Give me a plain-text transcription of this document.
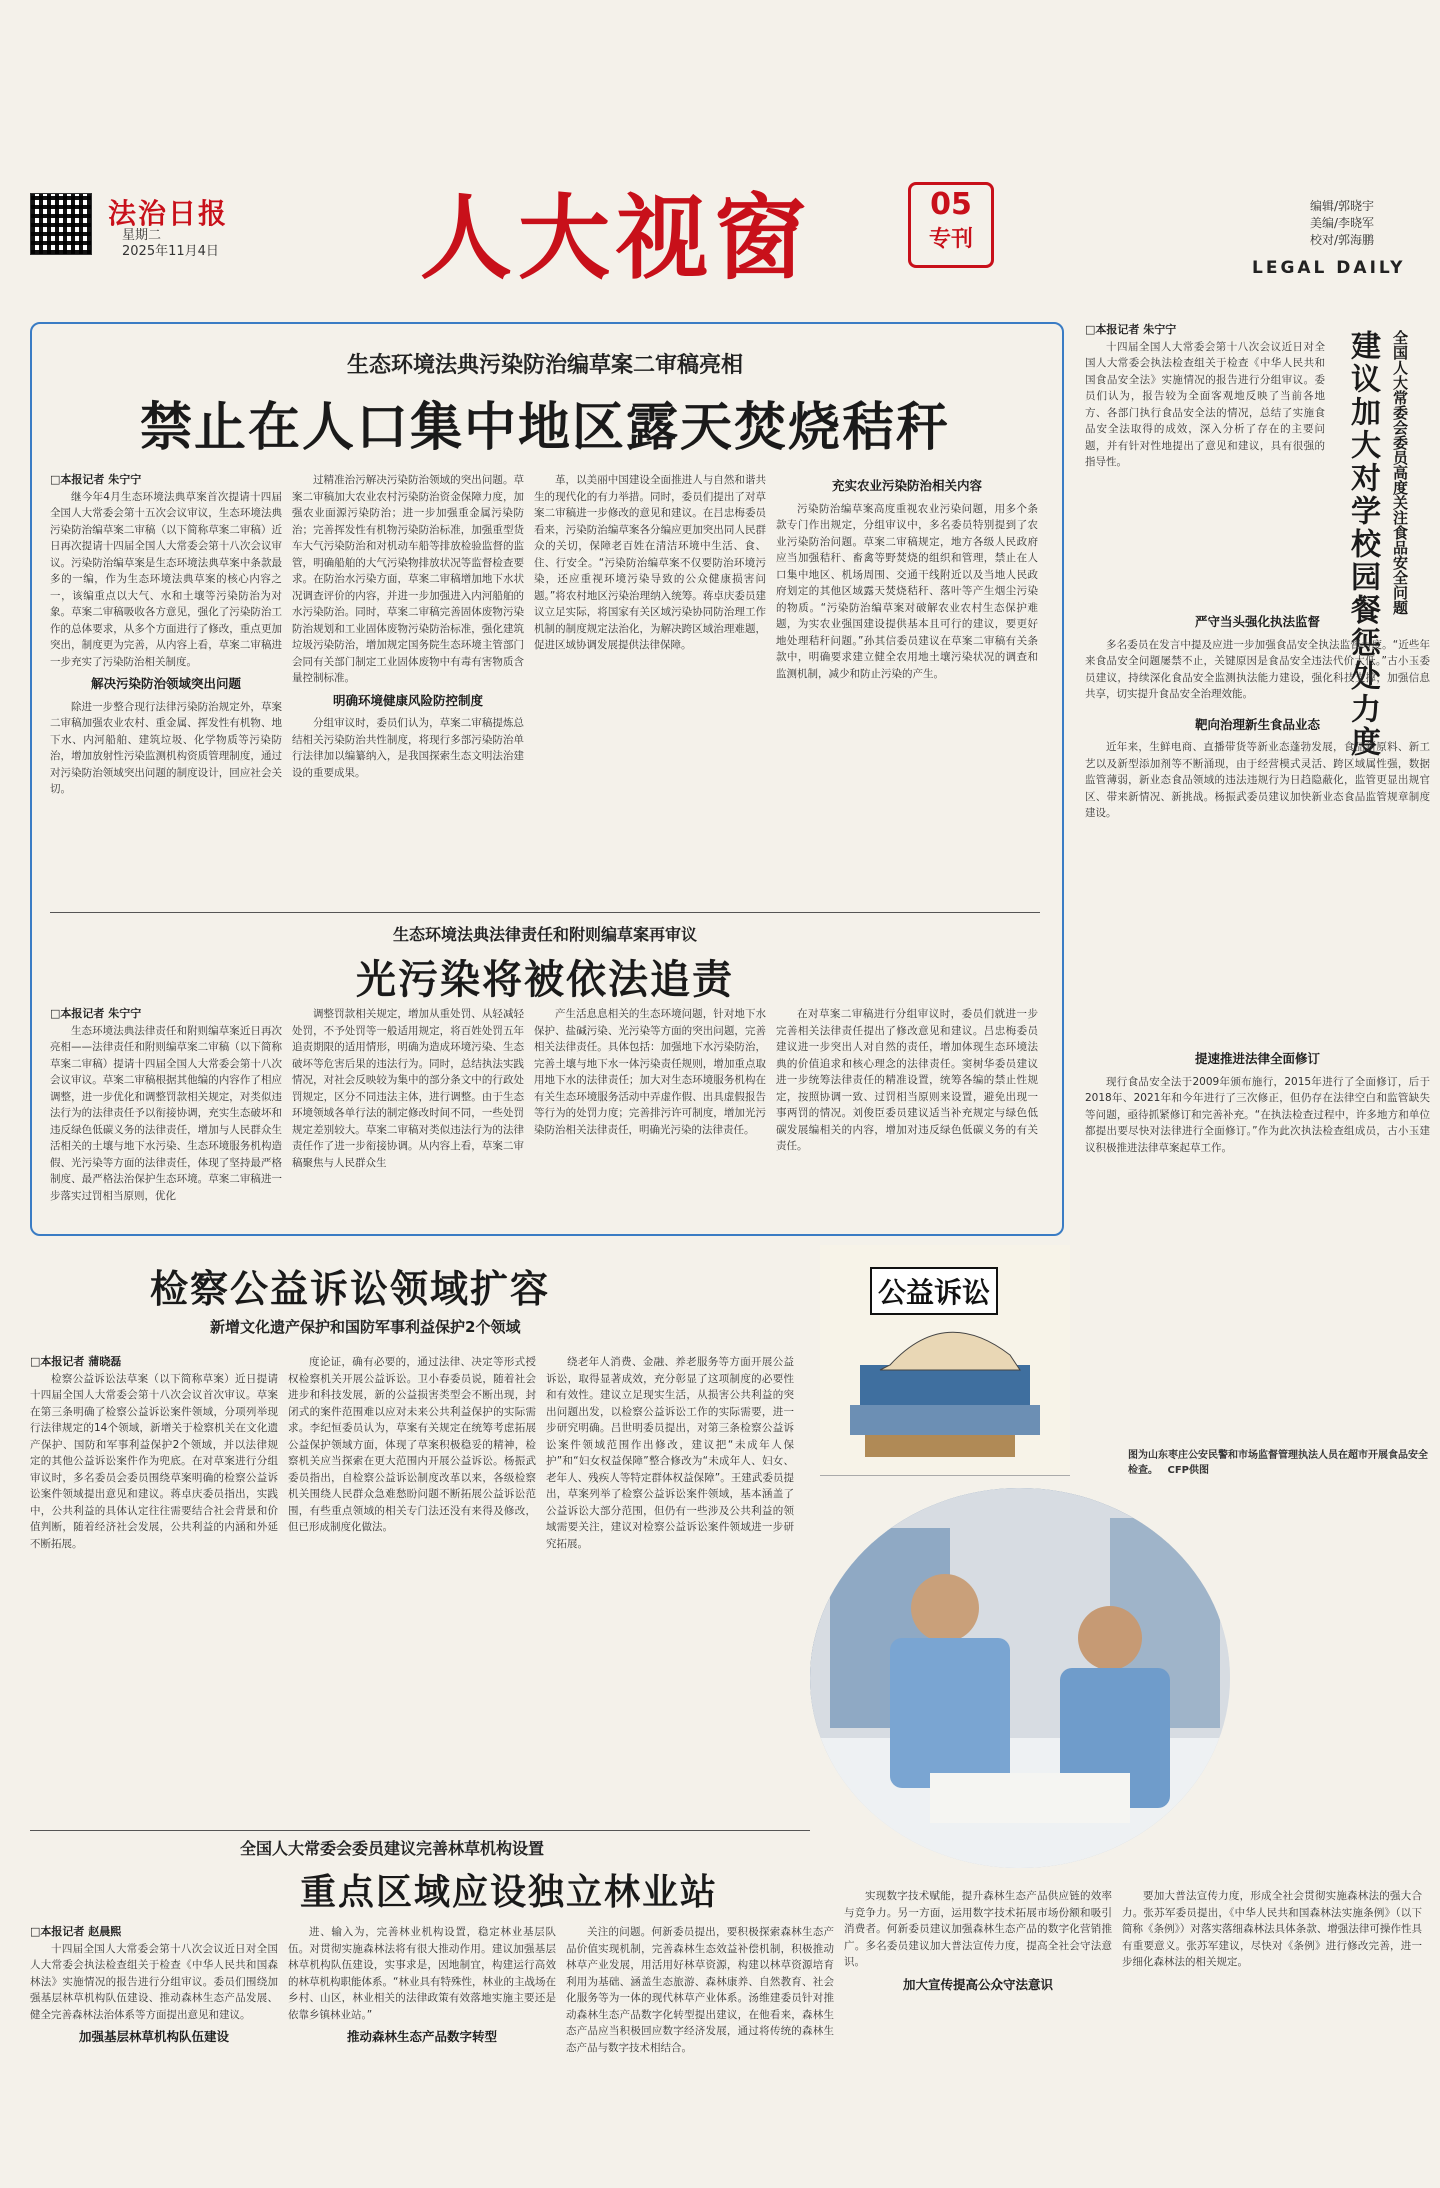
法治日报
星期二
2025年11月4日 人大视窗	05
专刊
编辑/郭晓宇
美编/李晓军
校对/郭海鹏
LEGAL DAILY
生态环境法典污染防治编草案二审稿亮相
禁止在人口集中地区露天焚烧秸秆
□本报记者 朱宁宁

继今年4月生态环境法典草案首次提请十四届全国人大常委会第十五次会议审议，生态环境法典污染防治编草案二审稿（以下简称草案二审稿）近日再次提请十四届全国人大常委会第十八次会议审议。污染防治编草案是生态环境法典草案中条款最多的一编，作为生态环境法典草案的核心内容之一，该编重点以大气、水和土壤等污染防治为对象。草案二审稿吸收各方意见，强化了污染防治工作的总体要求，从多个方面进行了修改，重点更加突出，制度更为完善，从内容上看，草案二审稿进一步充实了污染防治相关制度。

解决污染防治领域突出问题

除进一步整合现行法律污染防治规定外，草案二审稿加强农业农村、重金属、挥发性有机物、地下水、内河船舶、建筑垃圾、化学物质等污染防治，增加放射性污染监测机构资质管理制度，通过对污染防治领域突出问题的制度设计，回应社会关切。

过精准治污解决污染防治领域的突出问题。草案二审稿加大农业农村污染防治资金保障力度，加强农业面源污染防治；进一步加强重金属污染防治；完善挥发性有机物污染防治标准，加强重型货车大气污染防治和对机动车船等排放检验监督的监管，明确船舶的大气污染物排放状况等监督检查要求。在防治水污染方面，草案二审稿增加地下水状况调查评价的内容，并进一步加强进入内河船舶的水污染防治。同时，草案二审稿完善固体废物污染防治规划和工业固体废物污染防治标准，强化建筑垃圾污染防治，增加规定国务院生态环境主管部门会同有关部门制定工业固体废物中有毒有害物质含量控制标准。

明确环境健康风险防控制度

分组审议时，委员们认为，草案二审稿提炼总结相关污染防治共性制度，将现行多部污染防治单行法律加以编纂纳入，是我国探索生态文明法治建设的重要成果。

革，以美丽中国建设全面推进人与自然和谐共生的现代化的有力举措。同时，委员们提出了对草案二审稿进一步修改的意见和建议。在吕忠梅委员看来，污染防治编草案各分编应更加突出同人民群众的关切，保障老百姓在清洁环境中生活、食、住、行安全。“污染防治编草案不仅要防治环境污染，还应重视环境污染导致的公众健康损害问题。”将农村地区污染治理纳入统筹。蒋卓庆委员建议立足实际，将国家有关区域污染协同防治理工作机制的制度规定法治化，为解决跨区域治理难题，促进区域协调发展提供法律保障。

充实农业污染防治相关内容

污染防治编草案高度重视农业污染问题，用多个条款专门作出规定，分组审议中，多名委员特别提到了农业污染防治问题。草案二审稿规定，地方各级人民政府应当加强秸秆、畜禽等野焚烧的组织和管理，禁止在人口集中地区、机场周围、交通干线附近以及当地人民政府划定的其他区域露天焚烧秸秆、落叶等产生烟尘污染的物质。“污染防治编草案对破解农业农村生态保护难题，为实农业强国建设提供基本且可行的建议，要更好地处理秸秆问题。”孙其信委员建议在草案二审稿有关条款中，明确要求建立健全农用地土壤污染状况的调查和监测机制，减少和防止污染的产生。

生态环境法典法律责任和附则编草案再审议
光污染将被依法追责
□本报记者 朱宁宁

生态环境法典法律责任和附则编草案近日再次亮相——法律责任和附则编草案二审稿（以下简称草案二审稿）提请十四届全国人大常委会第十八次会议审议。草案二审稿根据其他编的内容作了相应调整，进一步优化和调整罚款相关规定，对类似违法行为的法律责任予以衔接协调，充实生态破坏和违反绿色低碳义务的法律责任，增加与人民群众生活相关的土壤与地下水污染、生态环境服务机构造假、光污染等方面的法律责任，体现了坚持最严格制度、最严格法治保护生态环境。草案二审稿进一步落实过罚相当原则，优化

调整罚款相关规定，增加从重处罚、从轻减轻处罚，不予处罚等一般适用规定，将百姓处罚五年追责期限的适用情形，明确为造成环境污染、生态破坏等危害后果的违法行为。同时，总结执法实践情况，对社会反映较为集中的部分条文中的行政处罚规定，区分不同违法主体，进行调整。由于生态环境领域各单行法的制定修改时间不同，一些处罚规定差别较大。草案二审稿对类似违法行为的法律责任作了进一步衔接协调。从内容上看，草案二审稿聚焦与人民群众生

产生活息息相关的生态环境问题，针对地下水保护、盐碱污染、光污染等方面的突出问题，完善相关法律责任。具体包括：加强地下水污染防治，完善土壤与地下水一体污染责任规则，增加重点取用地下水的法律责任；加大对生态环境服务机构在有关生态环境服务活动中弄虚作假、出具虚假报告等行为的处罚力度；完善排污许可制度，增加光污染防治相关法律责任，明确光污染的法律责任。

在对草案二审稿进行分组审议时，委员们就进一步完善相关法律责任提出了修改意见和建议。吕忠梅委员建议进一步突出人对自然的责任，增加体现生态环境法典的价值追求和核心理念的法律责任。窦树华委员建议进一步统筹法律责任的精准设置，统筹各编的禁止性规定，按照协调一致、过罚相当原则来设置，避免出现一事两罚的情况。刘俊臣委员建议适当补充规定与绿色低碳发展编相关的内容，增加对违反绿色低碳义务的有关责任。

建议加大对学校园餐惩处力度 全国人大常委会委员高度关注食品安全问题
□本报记者 朱宁宁

十四届全国人大常委会第十八次会议近日对全国人大常委会执法检查组关于检查《中华人民共和国食品安全法》实施情况的报告进行分组审议。委员们认为，报告较为全面客观地反映了当前各地方、各部门执行食品安全法的情况，总结了实施食品安全法取得的成效，深入分析了存在的主要问题，并有针对性地提出了意见和建议，具有很强的指导性。

严守当头强化执法监督

多名委员在发言中提及应进一步加强食品安全执法监督力度。“近些年来食品安全问题屡禁不止，关键原因是食品安全违法代价太低。”古小玉委员建议，持续深化食品安全监测执法能力建设，强化科技支撑，加强信息共享，切实提升食品安全治理效能。

靶向治理新生食品业态

近年来，生鲜电商、直播带货等新业态蓬勃发展，食品新原料、新工艺以及新型添加剂等不断涌现，由于经营模式灵活、跨区域属性强，数据监管薄弱，新业态食品领域的违法违规行为日趋隐蔽化，监管更显出规官区、带来新情况、新挑战。杨振武委员建议加快新业态食品监管规章制度建设。

提速推进法律全面修订

现行食品安全法于2009年颁布施行，2015年进行了全面修订，后于2018年、2021年和今年进行了三次修正，但仍存在法律空白和监管缺失等问题，亟待抓紧修订和完善补充。“在执法检查过程中，许多地方和单位都提出要尽快对法律进行全面修订。”作为此次执法检查组成员，古小玉建议积极推进法律草案起草工作。

检察公益诉讼领域扩容
新增文化遗产保护和国防军事利益保护2个领域
公益诉讼
□本报记者 蒲晓磊

检察公益诉讼法草案（以下简称草案）近日提请十四届全国人大常委会第十八次会议首次审议。草案在第三条明确了检察公益诉讼案件领域，分项列举现行法律规定的14个领域，新增关于检察机关在文化遗产保护、国防和军事利益保护2个领域，并以法律规定的其他公益诉讼案件作为兜底。在对草案进行分组审议时，多名委员会委员围绕草案明确的检察公益诉讼案件领域提出意见和建议。蒋卓庆委员指出，实践中，公共利益的具体认定往往需要结合社会背景和价值判断，随着经济社会发展，公共利益的内涵和外延不断拓展。

度论证，确有必要的，通过法律、决定等形式授权检察机关开展公益诉讼。卫小春委员说，随着社会进步和科技发展，新的公益损害类型会不断出现，封闭式的案件范围难以应对未来公共利益保护的实际需求。李纪恒委员认为，草案有关规定在统筹考虑拓展公益保护领域方面，体现了草案积极稳妥的精神，检察机关应当探索在更大范围内开展公益诉讼。杨振武委员指出，自检察公益诉讼制度改革以来，各级检察机关围绕人民群众急难愁盼问题不断拓展公益诉讼范围，有些重点领域的相关专门法还没有来得及修改，但已形成制度化做法。

绕老年人消费、金融、养老服务等方面开展公益诉讼，取得显著成效，充分彰显了这项制度的必要性和有效性。建议立足现实生活，从损害公共利益的突出问题出发，以检察公益诉讼工作的实际需要，进一步研究明确。吕世明委员提出，对第三条检察公益诉讼案件领域范围作出修改，建议把“未成年人保护”和“妇女权益保障”整合修改为“未成年人、妇女、老年人、残疾人等特定群体权益保障”。王建武委员提出，草案列举了检察公益诉讼案件领域，基本涵盖了公益诉讼大部分范围，但仍有一些涉及公共利益的领域需要关注，建议对检察公益诉讼案件领域进一步研究拓展。

图为山东枣庄公安民警和市场监督管理执法人员在超市开展食品安全检查。 CFP供图
全国人大常委会委员建议完善林草机构设置
重点区域应设独立林业站
□本报记者 赵晨熙

十四届全国人大常委会第十八次会议近日对全国人大常委会执法检查组关于检查《中华人民共和国森林法》实施情况的报告进行分组审议。委员们围绕加强基层林草机构队伍建设、推动森林生态产品发展、健全完善森林法治体系等方面提出意见和建议。

加强基层林草机构队伍建设

进、输入为，完善林业机构设置，稳定林业基层队伍。对贯彻实施森林法将有很大推动作用。建议加强基层林草机构队伍建设，实事求是，因地制宜，构建运行高效的林草机构职能体系。“林业具有特殊性，林业的主战场在乡村、山区，林业相关的法律政策有效落地实施主要还是依靠乡镇林业站。”

推动森林生态产品数字转型

关注的问题。何新委员提出，要积极探索森林生态产品价值实现机制，完善森林生态效益补偿机制，积极推动林草产业发展，用活用好林草资源，构建以林草资源培育利用为基础、涵盖生态旅游、森林康养、自然教育、社会化服务等为一体的现代林草产业体系。汤维建委员针对推动森林生态产品数字化转型提出建议，在他看来，森林生态产品应当积极回应数字经济发展，通过将传统的森林生态产品与数字技术相结合。

实现数字技术赋能，提升森林生态产品供应链的效率与竞争力。另一方面，运用数字技术拓展市场份额和吸引消费者。何新委员建议加强森林生态产品的数字化营销推广。多名委员建议加大普法宣传力度，提高全社会守法意识。

加大宣传提高公众守法意识

要加大普法宣传力度，形成全社会贯彻实施森林法的强大合力。张苏军委员提出，《中华人民共和国森林法实施条例》（以下简称《条例》）对落实落细森林法具体条款、增强法律可操作性具有重要意义。张苏军建议，尽快对《条例》进行修改完善，进一步细化森林法的相关规定。
